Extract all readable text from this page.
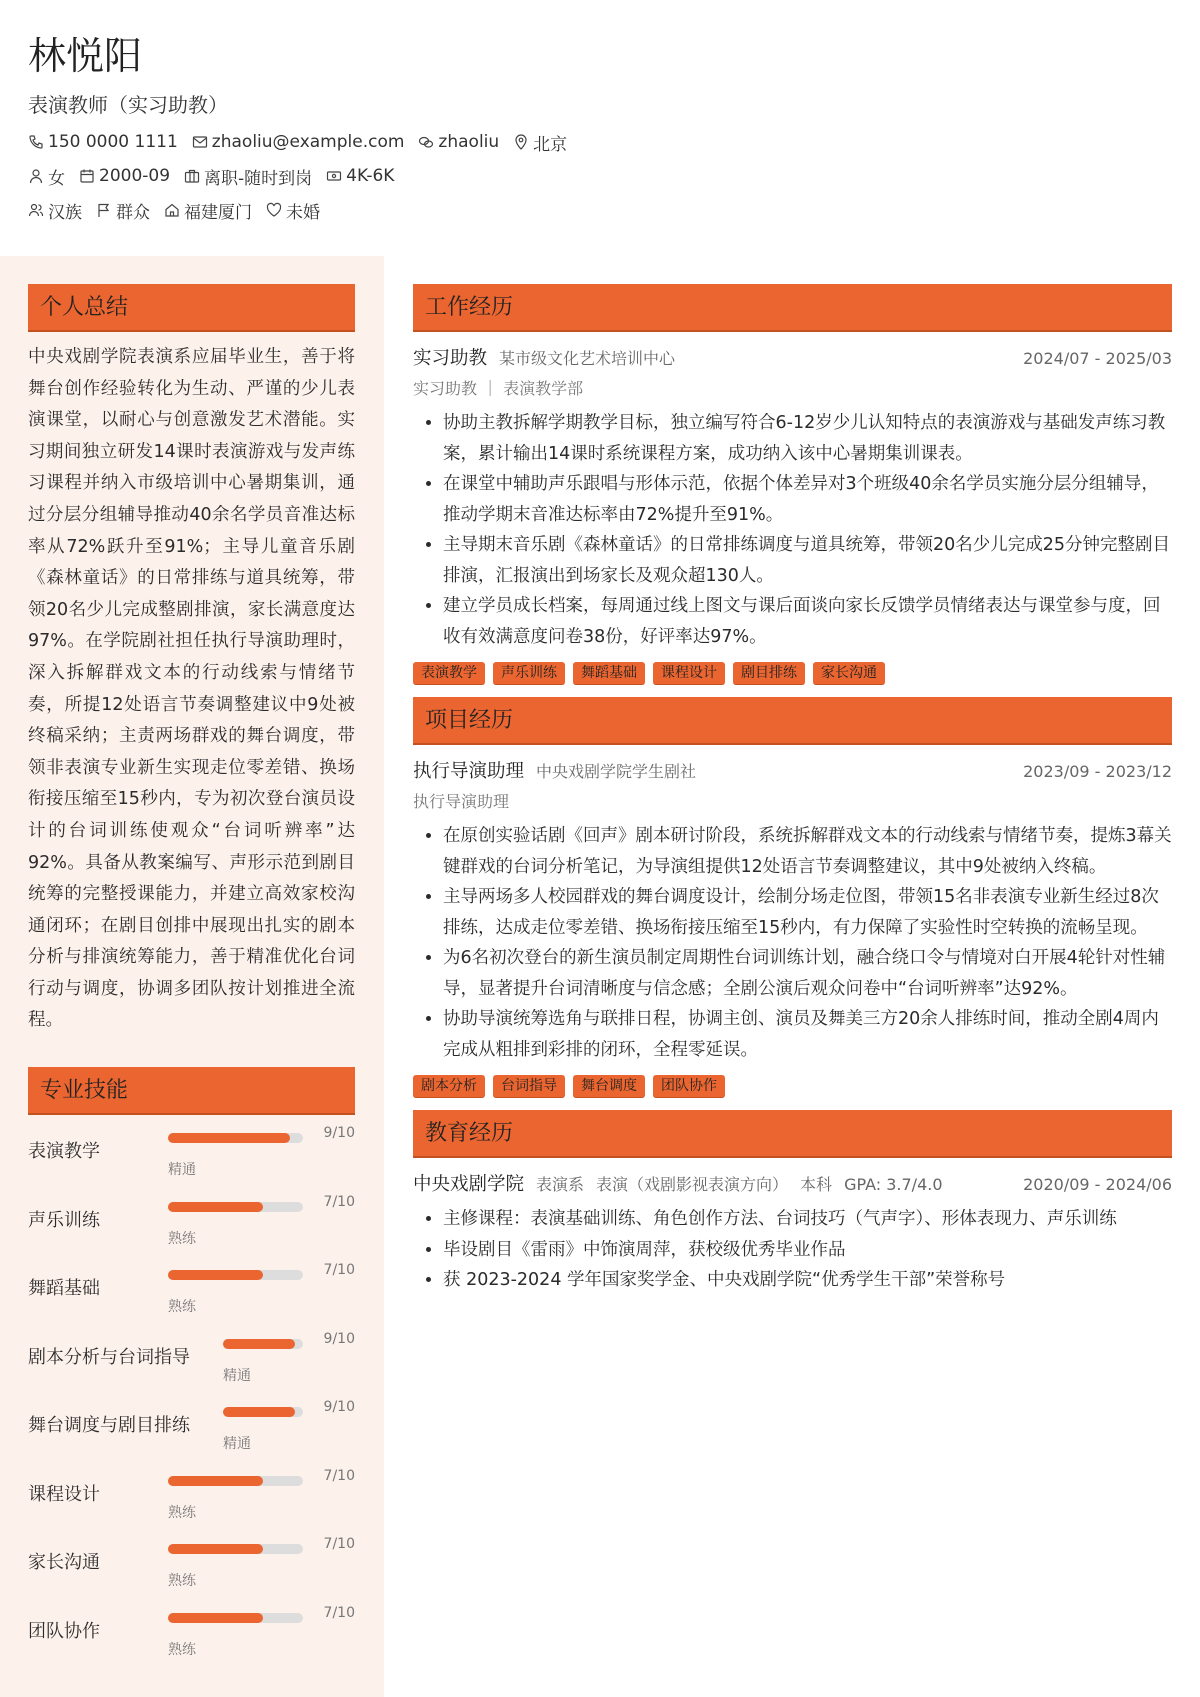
林悦阳
表演教师（实习助教）
150 0000 1111 zhaoliu@example.com zhaoliu 北京
女 2000-09 离职-随时到岗 4K-6K
汉族 群众 福建厦门 未婚
个人总结
中央戏剧学院表演系应届毕业生，善于将舞台创作经验转化为生动、严谨的少儿表演课堂，以耐心与创意激发艺术潜能。实习期间独立研发14课时表演游戏与发声练习课程并纳入市级培训中心暑期集训，通过分层分组辅导推动40余名学员音准达标率从72%跃升至91%；主导儿童音乐剧《森林童话》的日常排练与道具统筹，带领20名少儿完成整剧排演，家长满意度达97%。在学院剧社担任执行导演助理时，深入拆解群戏文本的行动线索与情绪节奏，所提12处语言节奏调整建议中9处被终稿采纳；主责两场群戏的舞台调度，带领非表演专业新生实现走位零差错、换场衔接压缩至15秒内，专为初次登台演员设计的台词训练使观众“台词听辨率”达92%。具备从教案编写、声形示范到剧目统筹的完整授课能力，并建立高效家校沟通闭环；在剧目创排中展现出扎实的剧本分析与排演统筹能力，善于精准优化台词行动与调度，协调多团队按计划推进全流程。
专业技能
表演教学
9/10
精通
声乐训练
7/10
熟练
舞蹈基础
7/10
熟练
剧本分析与台词指导
9/10
精通
舞台调度与剧目排练
9/10
精通
课程设计
7/10
熟练
家长沟通
7/10
熟练
团队协作
7/10
熟练
工作经历
实习助教 某市级文化艺术培训中心	2024/07 - 2025/03
实习助教 ｜ 表演教学部
• 协助主教拆解学期教学目标，独立编写符合6-12岁少儿认知特点的表演游戏与基础发声练习教案，累计输出14课时系统课程方案，成功纳入该中心暑期集训课表。
• 在课堂中辅助声乐跟唱与形体示范，依据个体差异对3个班级40余名学员实施分层分组辅导，推动学期末音准达标率由72%提升至91%。
• 主导期末音乐剧《森林童话》的日常排练调度与道具统筹，带领20名少儿完成25分钟完整剧目排演，汇报演出到场家长及观众超130人。
• 建立学员成长档案，每周通过线上图文与课后面谈向家长反馈学员情绪表达与课堂参与度，回收有效满意度问卷38份，好评率达97%。
表演教学	声乐训练	舞蹈基础	课程设计	剧目排练	家长沟通
项目经历
执行导演助理 中央戏剧学院学生剧社	2023/09 - 2023/12
执行导演助理
• 在原创实验话剧《回声》剧本研讨阶段，系统拆解群戏文本的行动线索与情绪节奏，提炼3幕关键群戏的台词分析笔记，为导演组提供12处语言节奏调整建议，其中9处被纳入终稿。
• 主导两场多人校园群戏的舞台调度设计，绘制分场走位图，带领15名非表演专业新生经过8次排练，达成走位零差错、换场衔接压缩至15秒内，有力保障了实验性时空转换的流畅呈现。
• 为6名初次登台的新生演员制定周期性台词训练计划，融合绕口令与情境对白开展4轮针对性辅导，显著提升台词清晰度与信念感；全剧公演后观众问卷中“台词听辨率”达92%。
• 协助导演统筹选角与联排日程，协调主创、演员及舞美三方20余人排练时间，推动全剧4周内完成从粗排到彩排的闭环，全程零延误。
剧本分析	台词指导	舞台调度	团队协作
教育经历
中央戏剧学院 表演系 表演（戏剧影视表演方向） 本科 GPA: 3.7/4.0	2020/09 - 2024/06
• 主修课程：表演基础训练、角色创作方法、台词技巧（气声字）、形体表现力、声乐训练
• 毕设剧目《雷雨》中饰演周萍，获校级优秀毕业作品
• 获 2023-2024 学年国家奖学金、中央戏剧学院“优秀学生干部”荣誉称号
